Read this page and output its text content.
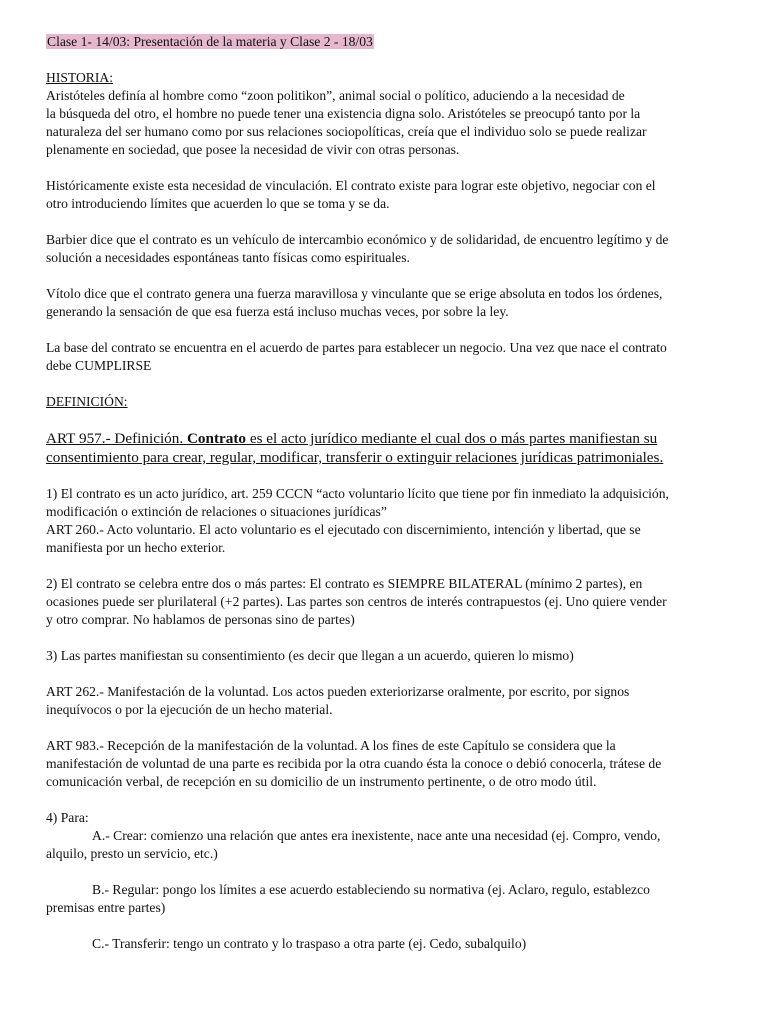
Clase 1- 14/03: Presentación de la materia y Clase 2 - 18/03

HISTORIA:

Aristóteles definía al hombre como “zoon politikon”, animal social o político, aduciendo a la necesidad de
la búsqueda del otro, el hombre no puede tener una existencia digna solo. Aristóteles se preocupó tanto por la
naturaleza del ser humano como por sus relaciones sociopolíticas, creía que el individuo solo se puede realizar
plenamente en sociedad, que posee la necesidad de vivir con otras personas.

Históricamente existe esta necesidad de vinculación. El contrato existe para lograr este objetivo, negociar con el
otro introduciendo límites que acuerden lo que se toma y se da.

Barbier dice que el contrato es un vehículo de intercambio económico y de solidaridad, de encuentro legítimo y de
solución a necesidades espontáneas tanto físicas como espirituales.

Vítolo dice que el contrato genera una fuerza maravillosa y vinculante que se erige absoluta en todos los órdenes,
generando la sensación de que esa fuerza está incluso muchas veces, por sobre la ley.

La base del contrato se encuentra en el acuerdo de partes para establecer un negocio. Una vez que nace el contrato
debe CUMPLIRSE

DEFINICIÓN:

ART 957.- Definición. Contrato es el acto jurídico mediante el cual dos o más partes manifiestan su
consentimiento para crear, regular, modificar, transferir o extinguir relaciones jurídicas patrimoniales.

1) El contrato es un acto jurídico, art. 259 CCCN “acto voluntario lícito que tiene por fin inmediato la adquisición,
modificación o extinción de relaciones o situaciones jurídicas”
ART 260.- Acto voluntario. El acto voluntario es el ejecutado con discernimiento, intención y libertad, que se
manifiesta por un hecho exterior.

2) El contrato se celebra entre dos o más partes: El contrato es SIEMPRE BILATERAL (mínimo 2 partes), en
ocasiones puede ser plurilateral (+2 partes). Las partes son centros de interés contrapuestos (ej. Uno quiere vender
y otro comprar. No hablamos de personas sino de partes)

3) Las partes manifiestan su consentimiento (es decir que llegan a un acuerdo, quieren lo mismo)

ART 262.- Manifestación de la voluntad. Los actos pueden exteriorizarse oralmente, por escrito, por signos
inequívocos o por la ejecución de un hecho material.

ART 983.- Recepción de la manifestación de la voluntad. A los fines de este Capítulo se considera que la
manifestación de voluntad de una parte es recibida por la otra cuando ésta la conoce o debió conocerla, trátese de
comunicación verbal, de recepción en su domicilio de un instrumento pertinente, o de otro modo útil.

4) Para:

A.- Crear: comienzo una relación que antes era inexistente, nace ante una necesidad (ej. Compro, vendo,
alquilo, presto un servicio, etc.)

B.- Regular: pongo los límites a ese acuerdo estableciendo su normativa (ej. Aclaro, regulo, establezco
premisas entre partes)

C.- Transferir: tengo un contrato y lo traspaso a otra parte (ej. Cedo, subalquilo)
